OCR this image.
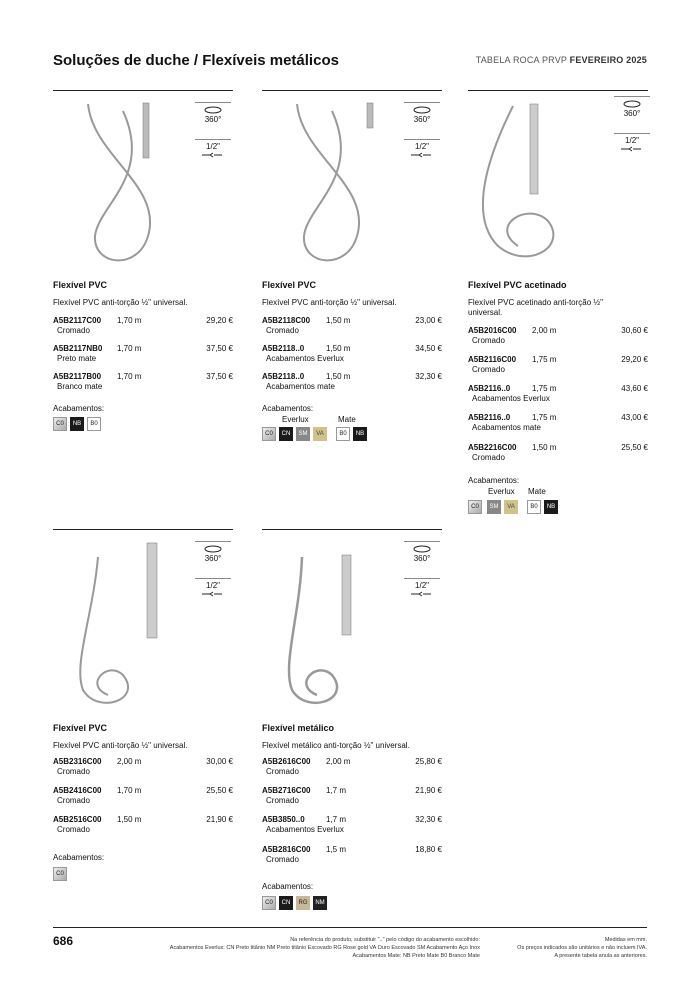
Soluções de duche / Flexíveis metálicos	TABELA ROCA PRVP FEVEREIRO 2025
360°
1/2"
Flexível PVC
Flexível PVC anti-torção ½" universal.
A5B2117C00 1,70 m	29,20 €
Cromado
A5B2117NB0 1,70 m	37,50 €
Preto mate
A5B2117B00 1,70 m	37,50 €
Branco mate
Acabamentos:
C0	NB	B0
360°
1/2"
Flexível PVC
Flexível PVC anti-torção ½" universal.
A5B2118C00 1,50 m	23,00 €
Cromado
A5B2118..0	1,50 m	34,50 €
Acabamentos Everlux
A5B2118..0	1,50 m	32,30 €
Acabamentos mate
Acabamentos:
Everlux	Mate
C0	CN	SM	VA	B0	NB
360°
1/2"
Flexível PVC acetinado
Flexível PVC acetinado anti-torção ½" universal.
A5B2016C00 2,00 m	30,60 €
Cromado
A5B2116C00 1,75 m	29,20 €
Cromado
A5B2116..0	1,75 m	43,60 €
Acabamentos Everlux
A5B2116..0	1,75 m	43,00 €
Acabamentos mate
A5B2216C00 1,50 m	25,50 €
Cromado
Acabamentos:
Everlux Mate
C0	SM	VA	B0	NB
360°
1/2"
Flexível PVC
Flexível PVC anti-torção ½" universal.
A5B2316C00 2,00 m	30,00 €
Cromado
A5B2416C00 1,70 m	25,50 €
Cromado
A5B2516C00 1,50 m	21,90 €
Cromado
Acabamentos:
C0
360°
1/2"
Flexível metálico
Flexível metálico anti-torção ½" universal.
A5B2616C00 2,00 m	25,80 €
Cromado
A5B2716C00 1,7 m	21,90 €
Cromado
A5B3850..0	1,7 m	32,30 €
Acabamentos Everlux
A5B2816C00 1,5 m	18,80 €
Cromado
Acabamentos:
C0	CN	RG	NM
686	Na referência do produto, substituir ".." pelo código do acabamento escolhido:
Acabamentos Everlux: CN Preto titânio NM Preto titânio Escovado RG Rose gold VA Ouro Escovado SM Acabamento Aço Inox
Acabamentos Mate: NB Preto Mate B0 Branco Mate
Medidas em mm.
Os preços indicados são unitários e não incluem IVA.
A presente tabela anula as anteriores.
